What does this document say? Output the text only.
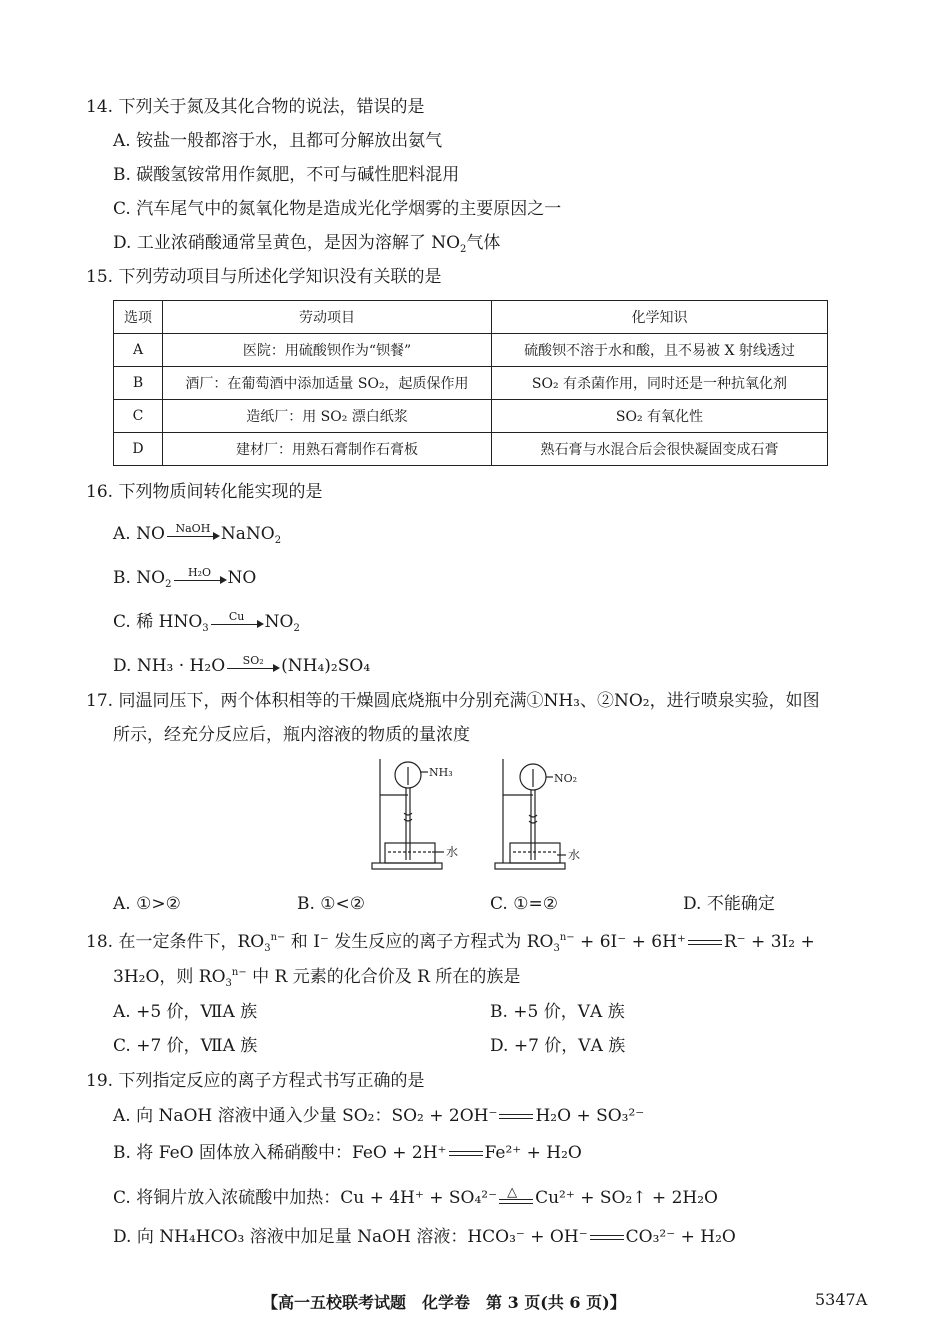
14. 下列关于氮及其化合物的说法，错误的是
A. 铵盐一般都溶于水，且都可分解放出氨气
B. 碳酸氢铵常用作氮肥，不可与碱性肥料混用
C. 汽车尾气中的氮氧化物是造成光化学烟雾的主要原因之一
D. 工业浓硝酸通常呈黄色，是因为溶解了 $NO_2$气体
15. 下列劳动项目与所述化学知识没有关联的是
选项	劳动项目	化学知识
A	医院：用硫酸钡作为“钡餐”	硫酸钡不溶于水和酸，且不易被 X 射线透过
B	酒厂：在葡萄酒中添加适量 SO₂，起质保作用	SO₂ 有杀菌作用，同时还是一种抗氧化剂
C	造纸厂：用 SO₂ 漂白纸浆	SO₂ 有氧化性
D	建材厂：用熟石膏制作石膏板	熟石膏与水混合后会很快凝固变成石膏
16. 下列物质间转化能实现的是
A. NO NaOH NaNO$_2$
B. $NO_2$
H₂O NO
C. 稀 $HNO_3$
Cu	$NO_2$
D. NH₃ · H₂O	SO₂	(NH₄)₂SO₄
17. 同温同压下，两个体积相等的干燥圆底烧瓶中分别充满①NH₃、②NO₂，进行喷泉实验，如图
所示，经充分反应后，瓶内溶液的物质的量浓度
NH₃	NO₂
水	水
A. ①>②	B. ①<②	C. ①=②	D. 不能确定
18. 在一定条件下，$RO_3^{n-}$ 和 I⁻ 发生反应的离子方程式为 $RO_3^{n-} + 6I^- + 6H^+$ R⁻ + 3I₂ +
3H₂O，则 $RO_3^{n-}$ 中 R 元素的化合价及 R 所在的族是
A. +5 价，ⅦA 族	B. +5 价，ⅤA 族
C. +7 价，ⅦA 族	D. +7 价，ⅤA 族
19. 下列指定反应的离子方程式书写正确的是
A. 向 NaOH 溶液中通入少量 SO₂：SO₂ + 2OH⁻ H₂O + SO₃²⁻
B. 将 FeO 固体放入稀硝酸中：FeO + 2H⁺ Fe²⁺ + H₂O
C. 将铜片放入浓硫酸中加热：Cu + 4H⁺ + SO₄²⁻ △ Cu²⁺ + SO₂↑ + 2H₂O
D. 向 NH₄HCO₃ 溶液中加足量 NaOH 溶液：HCO₃⁻ + OH⁻ CO₃²⁻ + H₂O
【高一五校联考试题　化学卷　第 3 页(共 6 页)】	5347A
